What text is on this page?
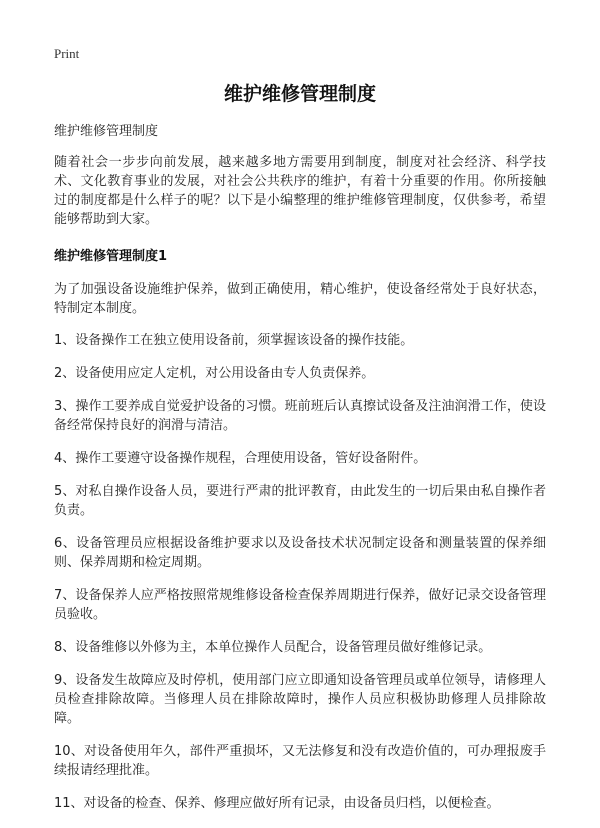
Print
维护维修管理制度

维护维修管理制度

随着社会一步步向前发展，越来越多地方需要用到制度，制度对社会经济、科学技术、文化教育事业的发展，对社会公共秩序的维护，有着十分重要的作用。你所接触过的制度都是什么样子的呢？以下是小编整理的维护维修管理制度，仅供参考，希望能够帮助到大家。

维护维修管理制度1

为了加强设备设施维护保养，做到正确使用，精心维护，使设备经常处于良好状态，特制定本制度。

1、设备操作工在独立使用设备前，须掌握该设备的操作技能。

2、设备使用应定人定机，对公用设备由专人负责保养。

3、操作工要养成自觉爱护设备的习惯。班前班后认真擦试设备及注油润滑工作，使设备经常保持良好的润滑与清洁。

4、操作工要遵守设备操作规程，合理使用设备，管好设备附件。

5、对私自操作设备人员，要进行严肃的批评教育，由此发生的一切后果由私自操作者负责。

6、设备管理员应根据设备维护要求以及设备技术状况制定设备和测量装置的保养细则、保养周期和检定周期。

7、设备保养人应严格按照常规维修设备检查保养周期进行保养，做好记录交设备管理员验收。

8、设备维修以外修为主，本单位操作人员配合，设备管理员做好维修记录。

9、设备发生故障应及时停机，使用部门应立即通知设备管理员或单位领导，请修理人员检查排除故障。当修理人员在排除故障时，操作人员应积极协助修理人员排除故障。

10、对设备使用年久，部件严重损坏，又无法修复和没有改造价值的，可办理报废手续报请经理批准。

11、对设备的检查、保养、修理应做好所有记录，由设备员归档，以便检查。
